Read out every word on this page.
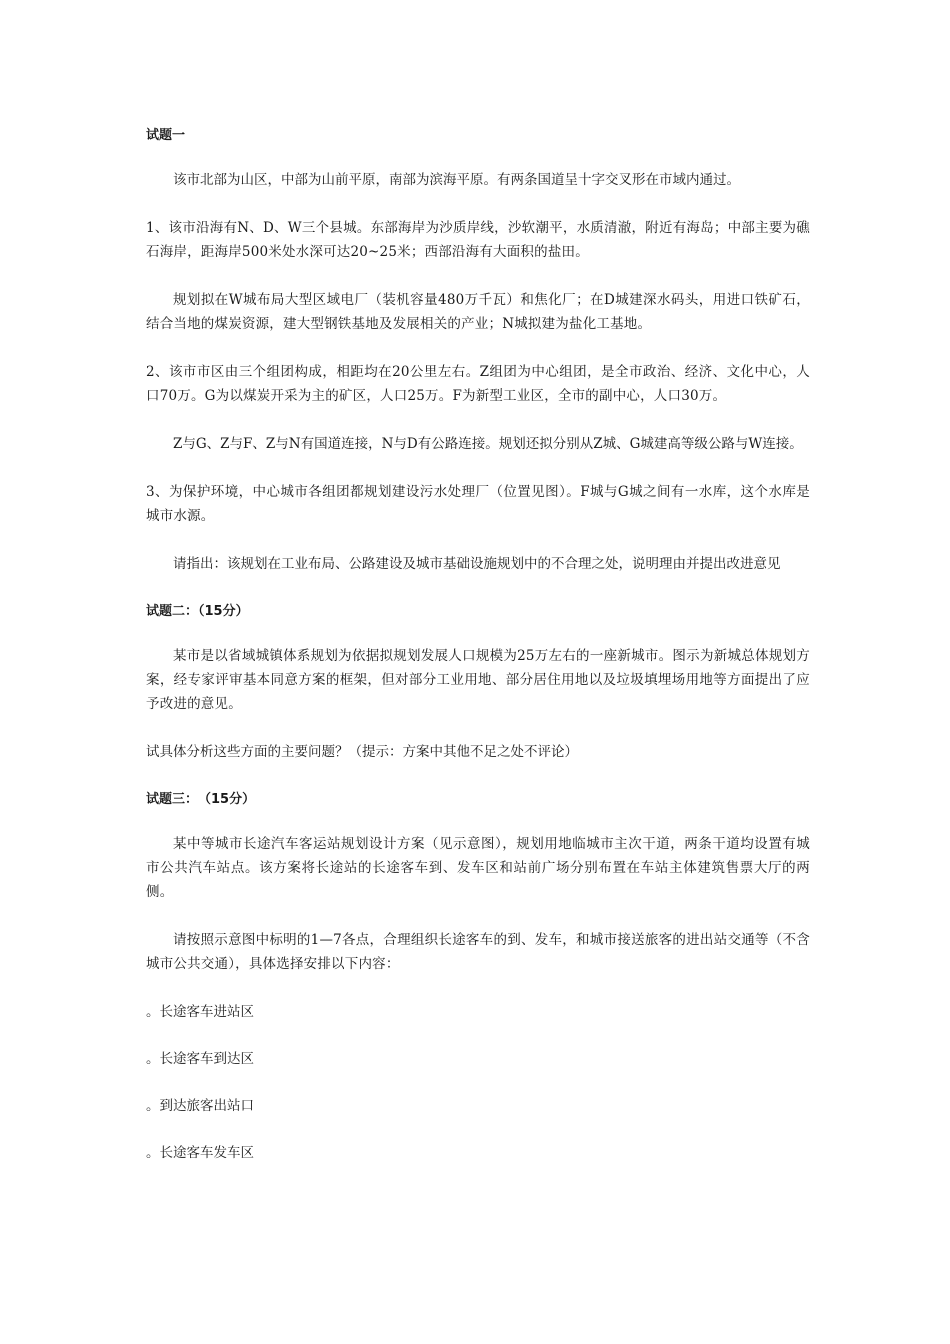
试题一

该市北部为山区，中部为山前平原，南部为滨海平原。有两条国道呈十字交叉形在市域内通过。

1、该市沿海有N、D、W三个县城。东部海岸为沙质岸线，沙软潮平，水质清澈，附近有海岛；中部主要为礁石海岸，距海岸500米处水深可达20~25米；西部沿海有大面积的盐田。

规划拟在W城布局大型区域电厂（装机容量480万千瓦）和焦化厂；在D城建深水码头，用进口铁矿石，结合当地的煤炭资源，建大型钢铁基地及发展相关的产业；N城拟建为盐化工基地。

2、该市市区由三个组团构成，相距均在20公里左右。Z组团为中心组团，是全市政治、经济、文化中心，人口70万。G为以煤炭开采为主的矿区，人口25万。F为新型工业区，全市的副中心，人口30万。

Z与G、Z与F、Z与N有国道连接，N与D有公路连接。规划还拟分别从Z城、G城建高等级公路与W连接。

3、为保护环境，中心城市各组团都规划建设污水处理厂（位置见图）。F城与G城之间有一水库，这个水库是城市水源。

请指出：该规划在工业布局、公路建设及城市基础设施规划中的不合理之处，说明理由并提出改进意见

试题二：（15分）

某市是以省域城镇体系规划为依据拟规划发展人口规模为25万左右的一座新城市。图示为新城总体规划方案，经专家评审基本同意方案的框架，但对部分工业用地、部分居住用地以及垃圾填埋场用地等方面提出了应予改进的意见。

试具体分析这些方面的主要问题？（提示：方案中其他不足之处不评论）

试题三：　（15分）

某中等城市长途汽车客运站规划设计方案（见示意图），规划用地临城市主次干道，两条干道均设置有城市公共汽车站点。该方案将长途站的长途客车到、发车区和站前广场分别布置在车站主体建筑售票大厅的两侧。

请按照示意图中标明的1—7各点，合理组织长途客车的到、发车，和城市接送旅客的进出站交通等（不含城市公共交通），具体选择安排以下内容：

。长途客车进站区
。长途客车到达区
。到达旅客出站口
。长途客车发车区
